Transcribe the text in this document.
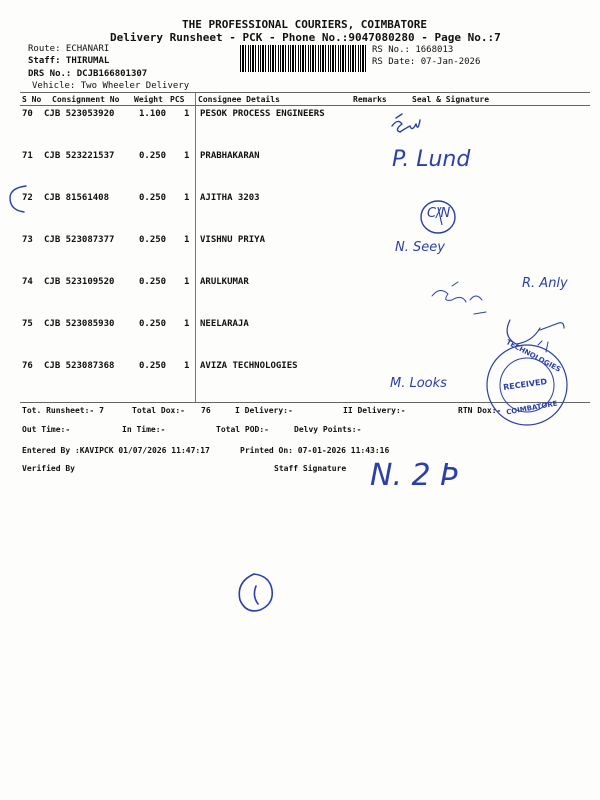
THE PROFESSIONAL COURIERS, COIMBATORE
Delivery Runsheet - PCK - Phone No.:9047080280 - Page No.:7
Route: ECHANARI
Staff: THIRUMAL
DRS No.: DCJB166801307
Vehicle: Two Wheeler Delivery
RS No.: 1668013
RS Date: 07-Jan-2026
S No Consignment No Weight PCS Consignee Details	Remarks	Seal & Signature
70 CJB 523053920	1.100 1 PESOK PROCESS ENGINEERS
71 CJB 523221537	0.250 1 PRABHAKARAN
72 CJB 81561408	0.250 1 AJITHA 3203
73 CJB 523087377	0.250 1 VISHNU PRIYA
74 CJB 523109520	0.250 1 ARULKUMAR
75 CJB 523085930	0.250 1 NEELARAJA
76 CJB 523087368	0.250 1 AVIZA TECHNOLOGIES
Tot. Runsheet:- 7	Total Dox:- 76	I Delivery:-	II Delivery:-	RTN Dox:-
Out Time:-	In Time:-	Total POD:-	Delvy Points:-
Entered By :KAVIPCK 01/07/2026 11:47:17	Printed On: 07-01-2026 11:43:16
Verified By	Staff Signature
P. Lund
C/N
N. Seey
R. Anly
M. Looks
N. 2 Þ
TECHNOLOGIES
RECEIVED
COIMBATORE
